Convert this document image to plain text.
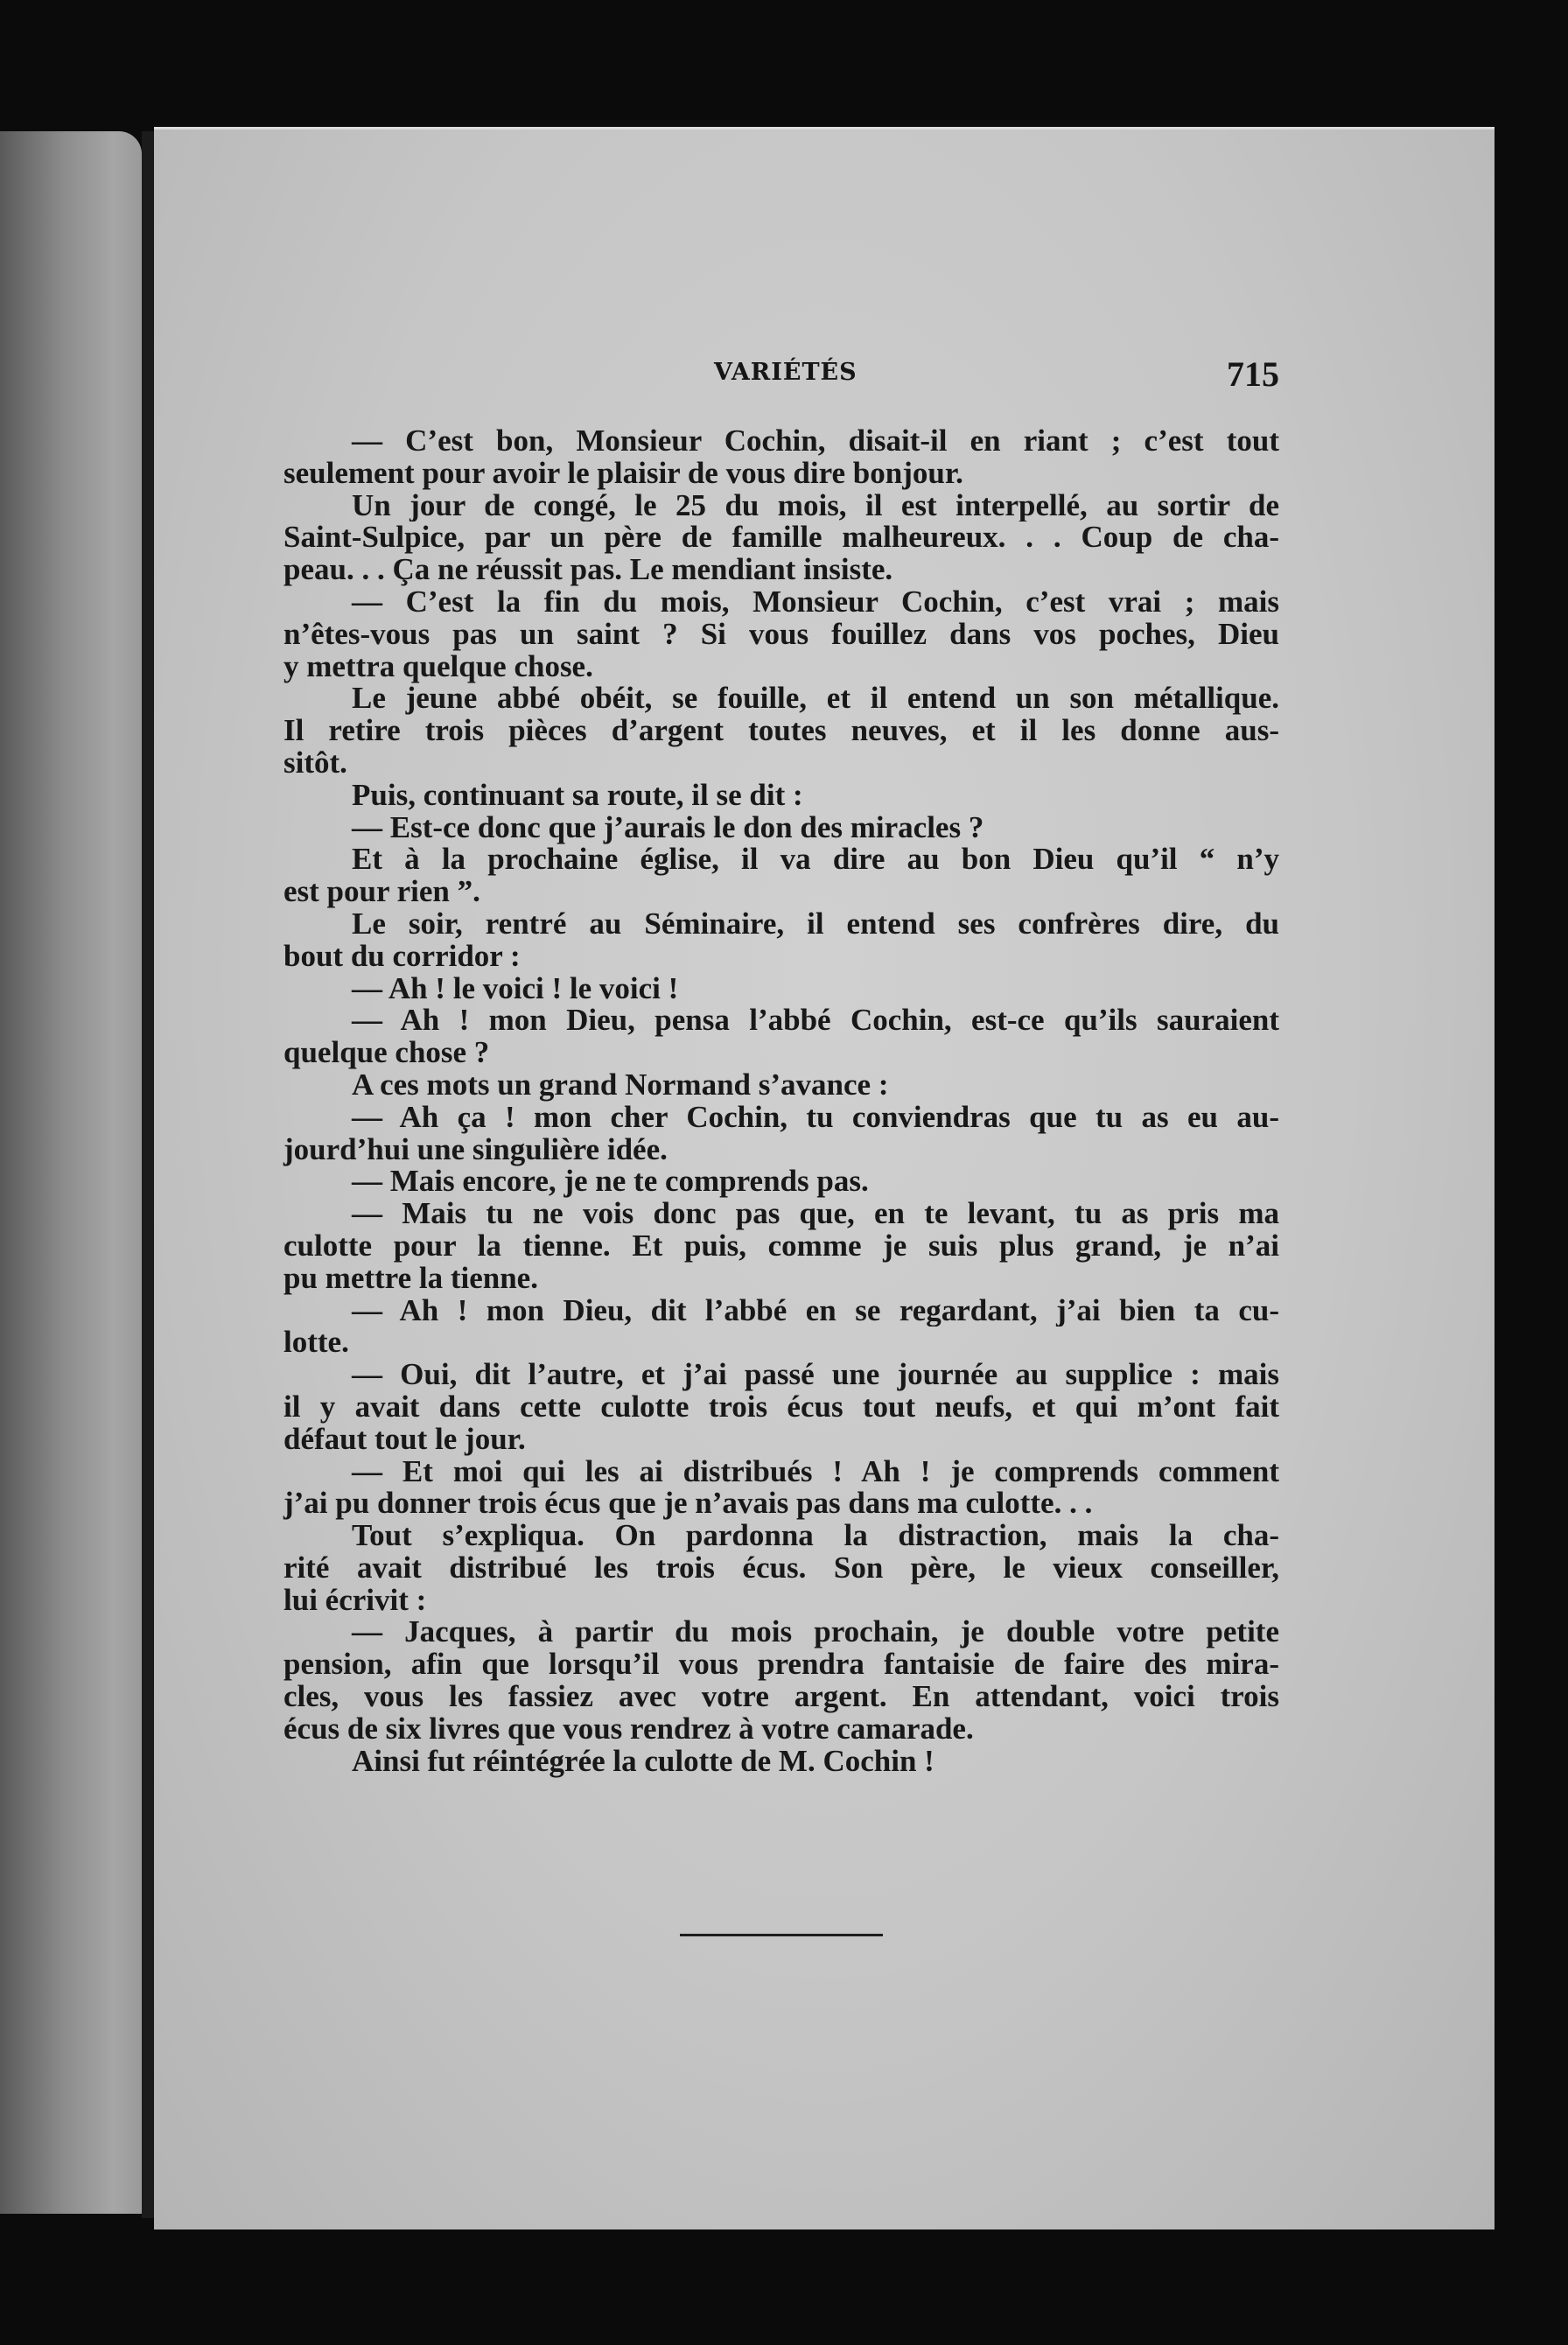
VARIÉTÉS	715
— C’est bon, Monsieur Cochin, disait-il en riant ; c’est tout
seulement pour avoir le plaisir de vous dire bonjour.
Un jour de congé, le 25 du mois, il est interpellé, au sortir de
Saint-Sulpice, par un père de famille malheureux. . . Coup de cha-
peau. . . Ça ne réussit pas. Le mendiant insiste.
— C’est la fin du mois, Monsieur Cochin, c’est vrai ; mais
n’êtes-vous pas un saint ? Si vous fouillez dans vos poches, Dieu
y mettra quelque chose.
Le jeune abbé obéit, se fouille, et il entend un son métallique.
Il retire trois pièces d’argent toutes neuves, et il les donne aus-
sitôt.
Puis, continuant sa route, il se dit :
— Est-ce donc que j’aurais le don des miracles ?
Et à la prochaine église, il va dire au bon Dieu qu’il “ n’y
est pour rien ”.
Le soir, rentré au Séminaire, il entend ses confrères dire, du
bout du corridor :
— Ah ! le voici ! le voici !
— Ah ! mon Dieu, pensa l’abbé Cochin, est-ce qu’ils sauraient
quelque chose ?
A ces mots un grand Normand s’avance :
— Ah ça ! mon cher Cochin, tu conviendras que tu as eu au-
jourd’hui une singulière idée.
— Mais encore, je ne te comprends pas.
— Mais tu ne vois donc pas que, en te levant, tu as pris ma
culotte pour la tienne. Et puis, comme je suis plus grand, je n’ai
pu mettre la tienne.
— Ah ! mon Dieu, dit l’abbé en se regardant, j’ai bien ta cu-
lotte.
— Oui, dit l’autre, et j’ai passé une journée au supplice : mais
il y avait dans cette culotte trois écus tout neufs, et qui m’ont fait
défaut tout le jour.
— Et moi qui les ai distribués ! Ah ! je comprends comment
j’ai pu donner trois écus que je n’avais pas dans ma culotte. . .
Tout s’expliqua. On pardonna la distraction, mais la cha-
rité avait distribué les trois écus. Son père, le vieux conseiller,
lui écrivit :
— Jacques, à partir du mois prochain, je double votre petite
pension, afin que lorsqu’il vous prendra fantaisie de faire des mira-
cles, vous les fassiez avec votre argent. En attendant, voici trois
écus de six livres que vous rendrez à votre camarade.
Ainsi fut réintégrée la culotte de M. Cochin !
